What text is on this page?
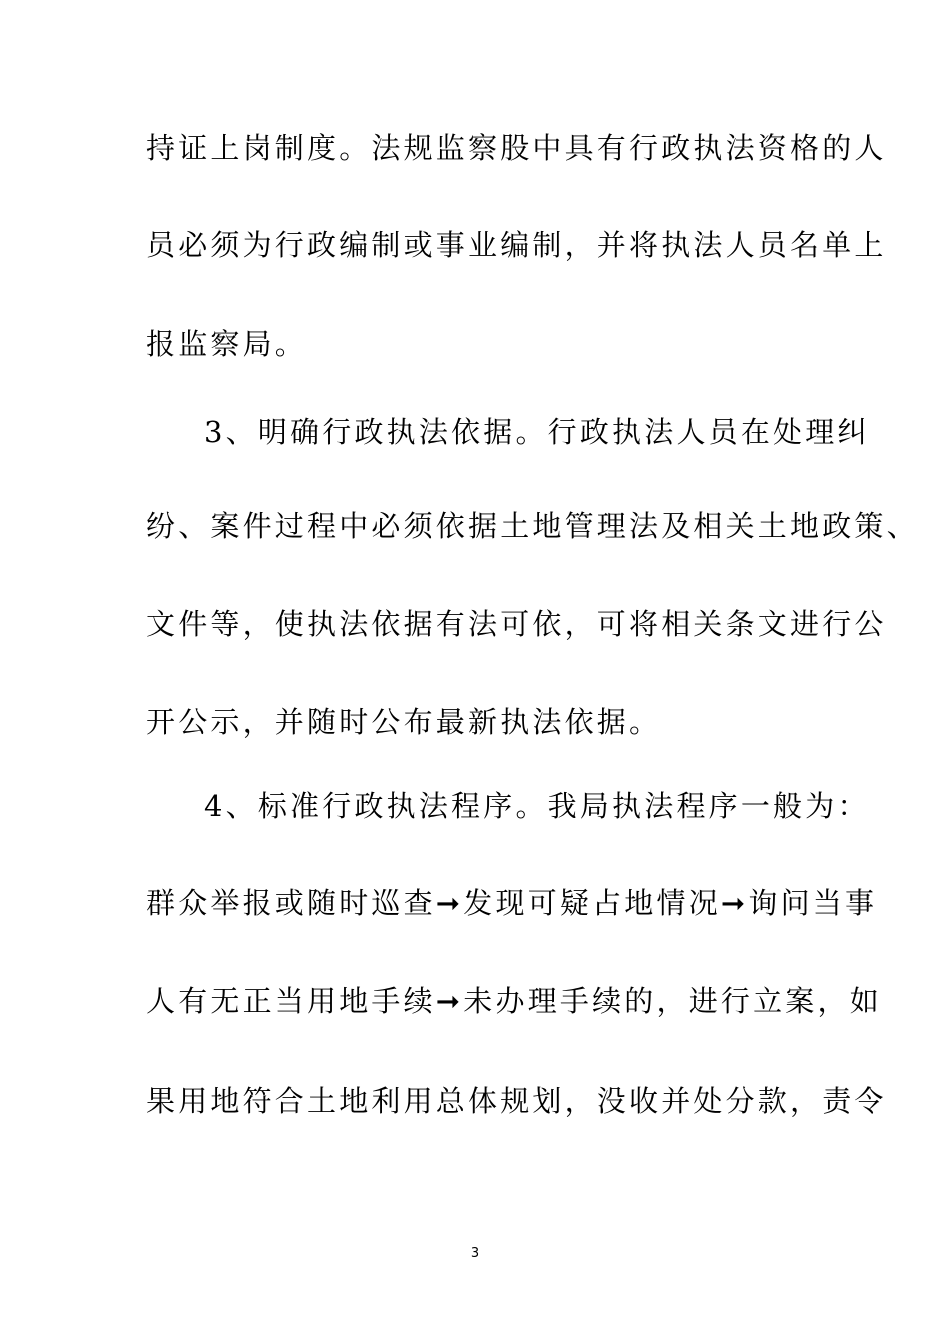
持证上岗制度。法规监察股中具有行政执法资格的人
员必须为行政编制或事业编制，并将执法人员名单上
报监察局。
3、明确行政执法依据。行政执法人员在处理纠
纷、案件过程中必须依据土地管理法及相关土地政策、
文件等，使执法依据有法可依，可将相关条文进行公
开公示，并随时公布最新执法依据。
4、标准行政执法程序。我局执法程序一般为：
群众举报或随时巡查➞发现可疑占地情况➞询问当事
人有无正当用地手续➞未办理手续的，进行立案，如
果用地符合土地利用总体规划，没收并处分款，责令
3
